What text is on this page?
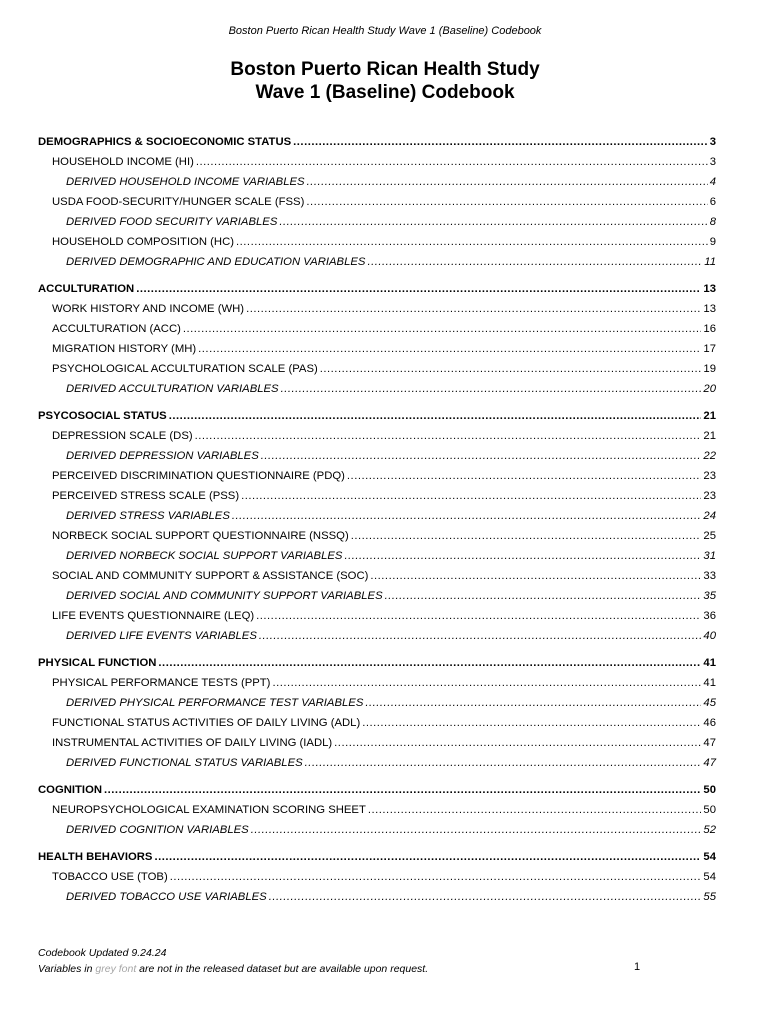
Boston Puerto Rican Health Study Wave 1 (Baseline) Codebook
Boston Puerto Rican Health Study
Wave 1 (Baseline) Codebook
DEMOGRAPHICS & SOCIOECONOMIC STATUS .....	3
HOUSEHOLD INCOME (HI) .....	3
DERIVED HOUSEHOLD INCOME VARIABLES .....	4
USDA FOOD-SECURITY/HUNGER SCALE (FSS) .....	6
DERIVED FOOD SECURITY VARIABLES .....	8
HOUSEHOLD COMPOSITION (HC) .....	9
DERIVED DEMOGRAPHIC AND EDUCATION VARIABLES .....	11
ACCULTURATION .....	13
WORK HISTORY AND INCOME (WH) .....	13
ACCULTURATION (ACC) .....	16
MIGRATION HISTORY (MH) .....	17
PSYCHOLOGICAL ACCULTURATION SCALE (PAS) .....	19
DERIVED ACCULTURATION VARIABLES .....	20
PSYCOSOCIAL STATUS .....	21
DEPRESSION SCALE (DS) .....	21
DERIVED DEPRESSION VARIABLES .....	22
PERCEIVED DISCRIMINATION QUESTIONNAIRE (PDQ) .....	23
PERCEIVED STRESS SCALE (PSS) .....	23
DERIVED STRESS VARIABLES .....	24
NORBECK SOCIAL SUPPORT QUESTIONNAIRE (NSSQ) .....	25
DERIVED NORBECK SOCIAL SUPPORT VARIABLES .....	31
SOCIAL AND COMMUNITY SUPPORT & ASSISTANCE (SOC) .....	33
DERIVED SOCIAL AND COMMUNITY SUPPORT VARIABLES .....	35
LIFE EVENTS QUESTIONNAIRE (LEQ) .....	36
DERIVED LIFE EVENTS VARIABLES .....	40
PHYSICAL FUNCTION .....	41
PHYSICAL PERFORMANCE TESTS (PPT) .....	41
DERIVED PHYSICAL PERFORMANCE TEST VARIABLES .....	45
FUNCTIONAL STATUS ACTIVITIES OF DAILY LIVING (ADL) .....	46
INSTRUMENTAL ACTIVITIES OF DAILY LIVING (IADL) .....	47
DERIVED FUNCTIONAL STATUS VARIABLES .....	47
COGNITION .....	50
NEUROPSYCHOLOGICAL EXAMINATION SCORING SHEET .....	50
DERIVED COGNITION VARIABLES .....	52
HEALTH BEHAVIORS .....	54
TOBACCO USE (TOB) .....	54
DERIVED TOBACCO USE VARIABLES .....	55
Codebook Updated 9.24.24
Variables in grey font are not in the released dataset but are available upon request.	1
